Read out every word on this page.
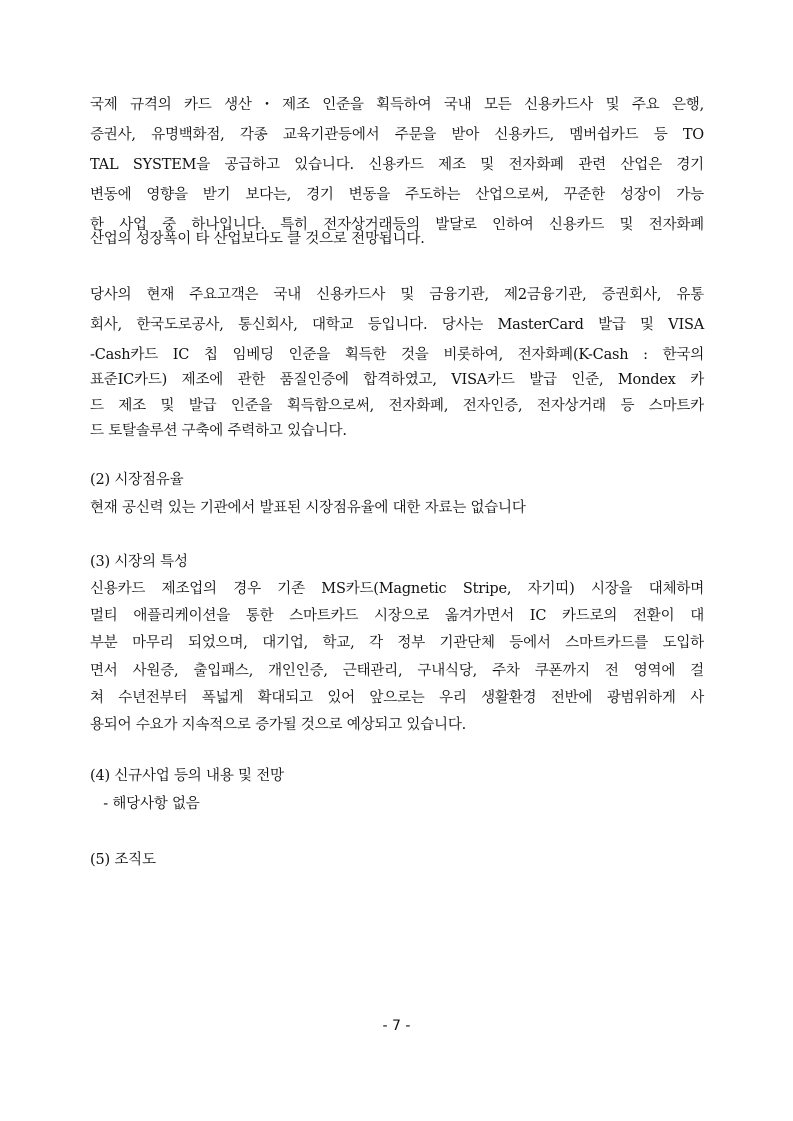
국제 규격의 카드 생산・제조 인준을 획득하여 국내 모든 신용카드사 및 주요 은행,
증권사, 유명백화점, 각종 교육기관등에서 주문을 받아 신용카드, 멤버쉽카드 등 TO
TAL SYSTEM을 공급하고 있습니다. 신용카드 제조 및 전자화폐 관련 산업은 경기
변동에 영향을 받기 보다는, 경기 변동을 주도하는 산업으로써, 꾸준한 성장이 가능
한 사업 중 하나입니다. 특히 전자상거래등의 발달로 인하여 신용카드 및 전자화폐
산업의 성장폭이 타 산업보다도 클 것으로 전망됩니다.
당사의 현재 주요고객은 국내 신용카드사 및 금융기관, 제2금융기관, 증권회사, 유통
회사, 한국도로공사, 통신회사, 대학교 등입니다. 당사는 MasterCard 발급 및 VISA
-Cash카드 IC 칩 임베딩 인준을 획득한 것을 비롯하여, 전자화폐(K-Cash : 한국의
표준IC카드) 제조에 관한 품질인증에 합격하였고, VISA카드 발급 인준, Mondex 카
드 제조 및 발급 인준을 획득함으로써, 전자화폐, 전자인증, 전자상거래 등 스마트카
드 토탈솔루션 구축에 주력하고 있습니다.
(2) 시장점유율
현재 공신력 있는 기관에서 발표된 시장점유율에 대한 자료는 없습니다
(3) 시장의 특성
신용카드 제조업의 경우 기존 MS카드(Magnetic Stripe, 자기띠) 시장을 대체하며
멀티 애플리케이션을 통한 스마트카드 시장으로 옮겨가면서 IC 카드로의 전환이 대
부분 마무리 되었으며, 대기업, 학교, 각 정부 기관단체 등에서 스마트카드를 도입하
면서 사원증, 출입패스, 개인인증, 근태관리, 구내식당, 주차 쿠폰까지 전 영역에 걸
쳐 수년전부터 폭넓게 확대되고 있어 앞으로는 우리 생활환경 전반에 광범위하게 사
용되어 수요가 지속적으로 증가될 것으로 예상되고 있습니다.
(4) 신규사업 등의 내용 및 전망
- 해당사항 없음
(5) 조직도
- 7 -
